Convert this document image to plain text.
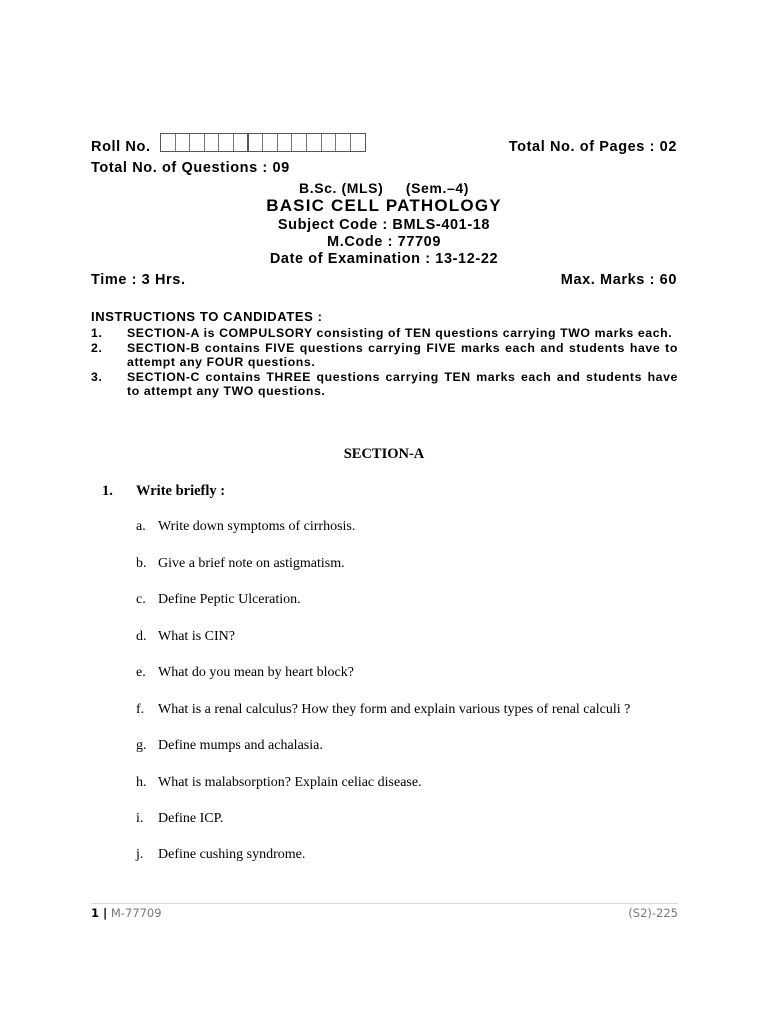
Roll No.	Total No. of Pages : 02
Total No. of Questions : 09
B.Sc. (MLS)     (Sem.–4)
BASIC CELL PATHOLOGY
Subject Code : BMLS-401-18
M.Code : 77709
Date of Examination : 13-12-22
Time : 3 Hrs.	Max. Marks : 60
INSTRUCTIONS TO CANDIDATES :
1.	SECTION-A is COMPULSORY consisting of TEN questions carrying TWO marks each.
2.	SECTION-B contains FIVE questions carrying FIVE marks each and students have to attempt any FOUR questions.
3.	SECTION-C contains THREE questions carrying TEN marks each and students have to attempt any TWO questions.
SECTION-A
1. Write briefly :
a. Write down symptoms of cirrhosis.
b. Give a brief note on astigmatism.
c. Define Peptic Ulceration.
d. What is CIN?
e. What do you mean by heart block?
f. What is a renal calculus? How they form and explain various types of renal calculi ?
g. Define mumps and achalasia.
h. What is malabsorption? Explain celiac disease.
i. Define ICP.
j. Define cushing syndrome.
1 | M-77709	(S2)-225
